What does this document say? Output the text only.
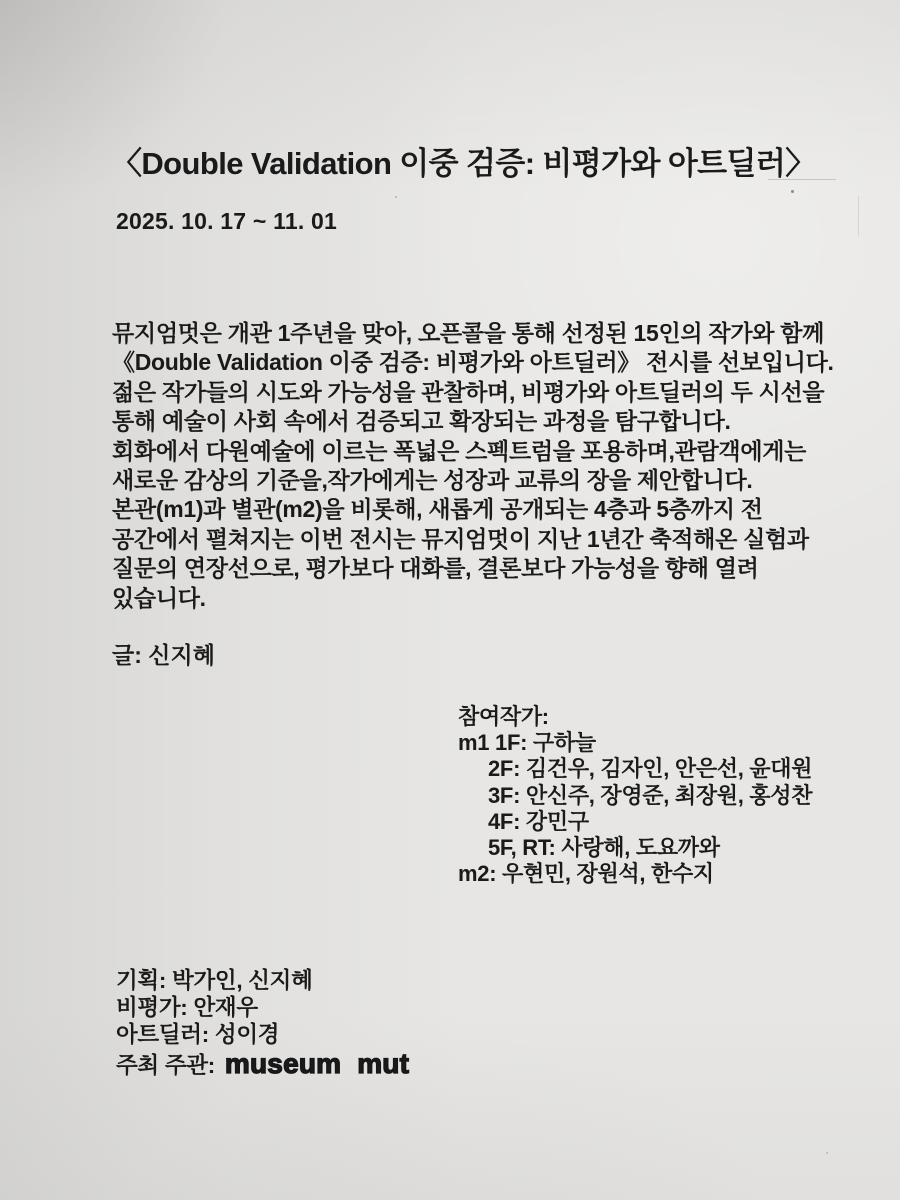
〈Double Validation 이중 검증: 비평가와 아트딜러〉
2025. 10. 17 ~ 11. 01
뮤지엄멋은 개관 1주년을 맞아, 오픈콜을 통해 선정된 15인의 작가와 함께
《Double Validation 이중 검증: 비평가와 아트딜러》 전시를 선보입니다.
젊은 작가들의 시도와 가능성을 관찰하며, 비평가와 아트딜러의 두 시선을
통해 예술이 사회 속에서 검증되고 확장되는 과정을 탐구합니다.
회화에서 다원예술에 이르는 폭넓은 스펙트럼을 포용하며,관람객에게는
새로운 감상의 기준을,작가에게는 성장과 교류의 장을 제안합니다.
본관(m1)과 별관(m2)을 비롯해, 새롭게 공개되는 4층과 5층까지 전
공간에서 펼쳐지는 이번 전시는 뮤지엄멋이 지난 1년간 축적해온 실험과
질문의 연장선으로, 평가보다 대화를, 결론보다 가능성을 향해 열려
있습니다.
글: 신지혜
참여작가:
m1 1F: 구하늘
2F: 김건우, 김자인, 안은선, 윤대원
3F: 안신주, 장영준, 최장원, 홍성찬
4F: 강민구
5F, RT: 사랑해, 도요까와
m2: 우현민, 장원석, 한수지
기획: 박가인, 신지혜
비평가: 안재우
아트딜러: 성이경
주최 주관: museum  mut
